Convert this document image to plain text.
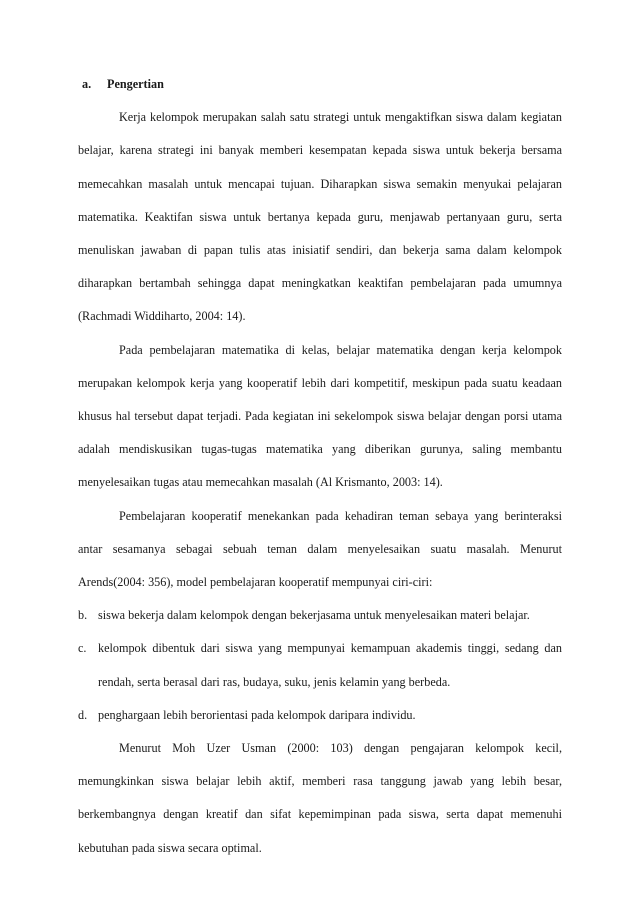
a.	Pengertian

Kerja kelompok merupakan salah satu strategi untuk mengaktifkan siswa dalam kegiatan belajar, karena strategi ini banyak memberi kesempatan kepada siswa untuk bekerja bersama memecahkan masalah untuk mencapai tujuan. Diharapkan siswa semakin menyukai pelajaran matematika. Keaktifan siswa untuk bertanya kepada guru, menjawab pertanyaan guru, serta menuliskan jawaban di papan tulis atas inisiatif sendiri, dan bekerja sama dalam kelompok diharapkan bertambah sehingga dapat meningkatkan keaktifan pembelajaran pada umumnya (Rachmadi Widdiharto, 2004: 14).

Pada pembelajaran matematika di kelas, belajar matematika dengan kerja kelompok merupakan kelompok kerja yang kooperatif lebih dari kompetitif, meskipun pada suatu keadaan khusus hal tersebut dapat terjadi. Pada kegiatan ini sekelompok siswa belajar dengan porsi utama adalah mendiskusikan tugas-tugas matematika yang diberikan gurunya, saling membantu menyelesaikan tugas atau memecahkan masalah (Al Krismanto, 2003: 14).

Pembelajaran kooperatif menekankan pada kehadiran teman sebaya yang berinteraksi antar sesamanya sebagai sebuah teman dalam menyelesaikan suatu masalah. Menurut Arends(2004: 356), model pembelajaran kooperatif mempunyai ciri-ciri:

b. siswa bekerja dalam kelompok dengan bekerjasama untuk menyelesaikan materi belajar.
c. kelompok dibentuk dari siswa yang mempunyai kemampuan akademis tinggi, sedang dan rendah, serta berasal dari ras, budaya, suku, jenis kelamin yang berbeda.
d. penghargaan lebih berorientasi pada kelompok daripara individu.

Menurut Moh Uzer Usman (2000: 103) dengan pengajaran kelompok kecil, memungkinkan siswa belajar lebih aktif, memberi rasa tanggung jawab yang lebih besar, berkembangnya dengan kreatif dan sifat kepemimpinan pada siswa, serta dapat memenuhi kebutuhan pada siswa secara optimal.
